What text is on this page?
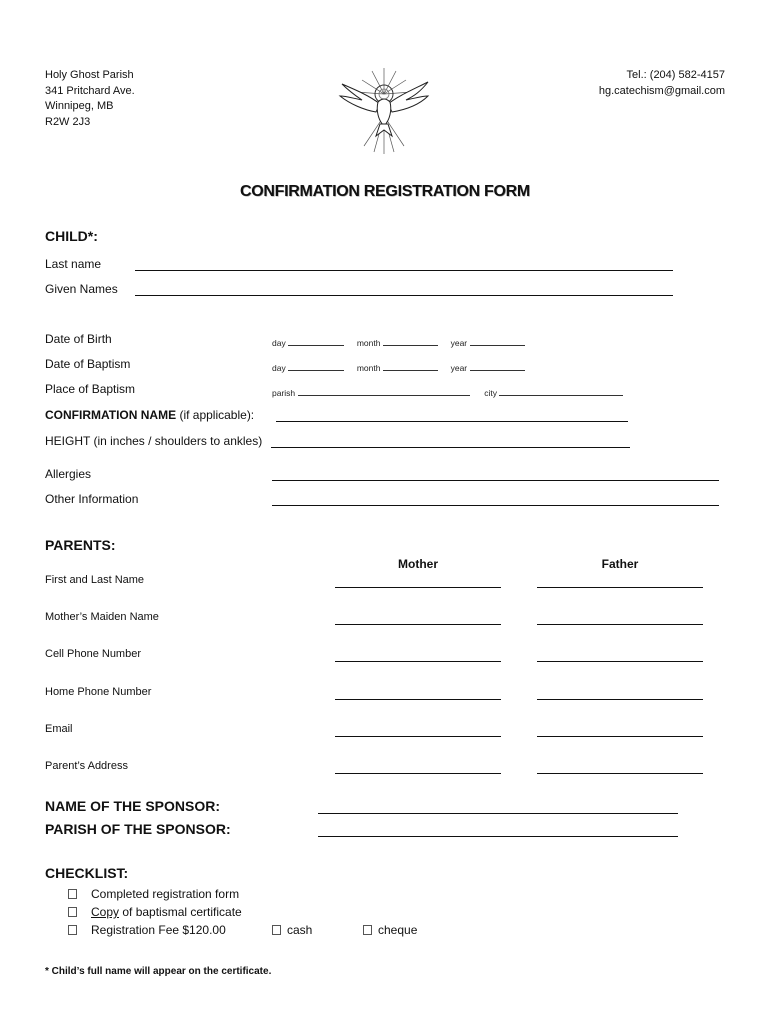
Holy Ghost Parish
341 Pritchard Ave.
Winnipeg, MB
R2W 2J3
Tel.: (204) 582-4157
hg.catechism@gmail.com
CONFIRMATION REGISTRATION FORM
CHILD*:
Last name
Given Names
Date of Birth	day	month	year
Date of Baptism	day	month	year
Place of Baptism	parish	city
CONFIRMATION NAME (if applicable):
HEIGHT (in inches / shoulders to ankles)
Allergies
Other Information
PARENTS:
Mother	Father
First and Last Name
Mother’s Maiden Name
Cell Phone Number
Home Phone Number
Email
Parent’s Address
NAME OF THE SPONSOR:
PARISH OF THE SPONSOR:
CHECKLIST:
Completed registration form
Copy of baptismal certificate
Registration Fee $120.00	cash	cheque
* Child’s full name will appear on the certificate.
